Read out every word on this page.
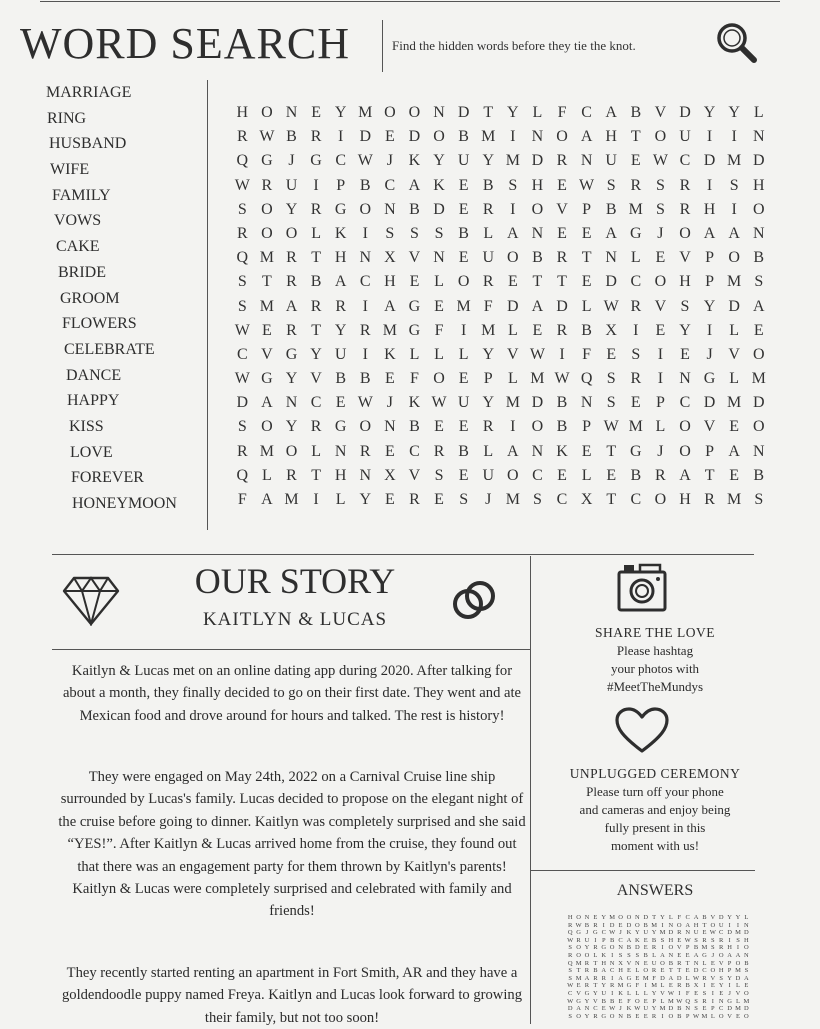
WORD SEARCH	Find the hidden words before they tie the knot.
MARRIAGE
RING
HUSBAND
WIFE
FAMILY
VOWS
CAKE
BRIDE
GROOM
FLOWERS
CELEBRATE
DANCE
HAPPY
KISS
LOVE
FOREVER
HONEYMOON
H O N E Y M O O N D T Y L F C A B V D Y Y L
R W B R	I	D E D O B M I	N O A H T O U	I	I	N
Q G J G C W J K Y U Y M D R N U E W C D M D
W R U	I	P B C A K E B S H E W S R S R	I	S H
S O Y R G O N B D E R	I	O V P B M S R H	I	O
R O O L K	I	S S S B L A N E E A G J O A A N
Q M R T H N X V N E U O B R T N L E V P O B
S T R B A C H E L O R E T T E D C O H P M S
S M A R R	I	A G E M F D A D L W R V S Y D A
W E R T Y R M G F	I M L E R B X	I	E Y	I	L E
C V G Y U	I	K L L L Y V W I	F E S	I	E	J V O
W G Y V B B E F O E P L M W Q S R	I	N G L M
D A N C E W J K W U Y M D B N S E P C D M D
S O Y R G O N B E E R	I	O B P W M L O V E O
R M O L N R E C R B L A N K E T G J O P A N
Q L R T H N X V S E U O C E L E B R A T E B
F A M I	L Y E R E S	J M S C X T C O H R M S
OUR STORY
KAITLYN & LUCAS
Kaitlyn & Lucas met on an online dating app during 2020. After talking for about a month, they finally decided to go on their first date. They went and ate Mexican food and drove around for hours and talked. The rest is history!
They were engaged on May 24th, 2022 on a Carnival Cruise line ship surrounded by Lucas's family. Lucas decided to propose on the elegant night of the cruise before going to dinner. Kaitlyn was completely surprised and she said “YES!”. After Kaitlyn & Lucas arrived home from the cruise, they found out that there was an engagement party for them thrown by Kaitlyn's parents! Kaitlyn & Lucas were completely surprised and celebrated with family and friends!
They recently started renting an apartment in Fort Smith, AR and they have a goldendoodle puppy named Freya. Kaitlyn and Lucas look forward to growing their family, but not too soon!
SHARE THE LOVE
Please hashtag
your photos with
#MeetTheMundys
UNPLUGGED CEREMONY
Please turn off your phone
and cameras and enjoy being
fully present in this
moment with us!
ANSWERS
H O N E Y M O O N D T Y L F C A B V D Y Y L
R W B R I D E D O B M I N O A H T O U I I N
Q G J G C W J K Y U Y M D R N U E W C D M D
W R U I P B C A K E B S H E W S R S R I S H
S O Y R G O N B D E R I O V P B M S R H I O
R O O L K I S S S B L A N E E A G J O A A N
Q M R T H N X V N E U O B R T N L E V P O B
S T R B A C H E L O R E T T E D C O H P M S
S M A R R I A G E M F D A D L W R V S Y D A
W E R T Y R M G F I M L E R B X I E Y I L E
C V G Y U I K L L L Y V W I F E S I E J V O
W G Y V B B E F O E P L M W Q S R I N G L M
D A N C E W J K W U Y M D B N S E P C D M D
S O Y R G O N B E E R I O B P W M L O V E O
